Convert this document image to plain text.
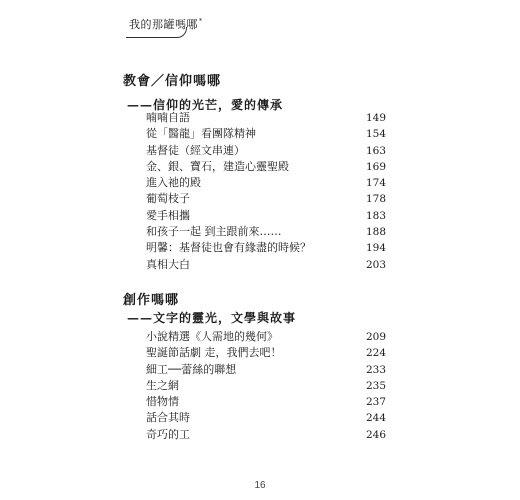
我的那罐嗎哪*
教會／信仰嗎哪
——信仰的光芒，愛的傳承
喃喃自語	149
從「醫龍」看團隊精神	154
基督徒（經文串連）	163
金、銀、寶石，建造心靈聖殿	169
進入祂的殿	174
葡萄枝子	178
愛手相攜	183
和孩子一起 到主跟前來……	188
明馨：基督徒也會有緣盡的時候？	194
真相大白	203
創作嗎哪
——文字的靈光，文學與故事
小說精選《人需地的幾何》	209
聖誕節話劇 走，我們去吧！	224
細工──蕾絲的聯想	233
生之網	235
惜物情	237
話合其時	244
奇巧的工	246
16
